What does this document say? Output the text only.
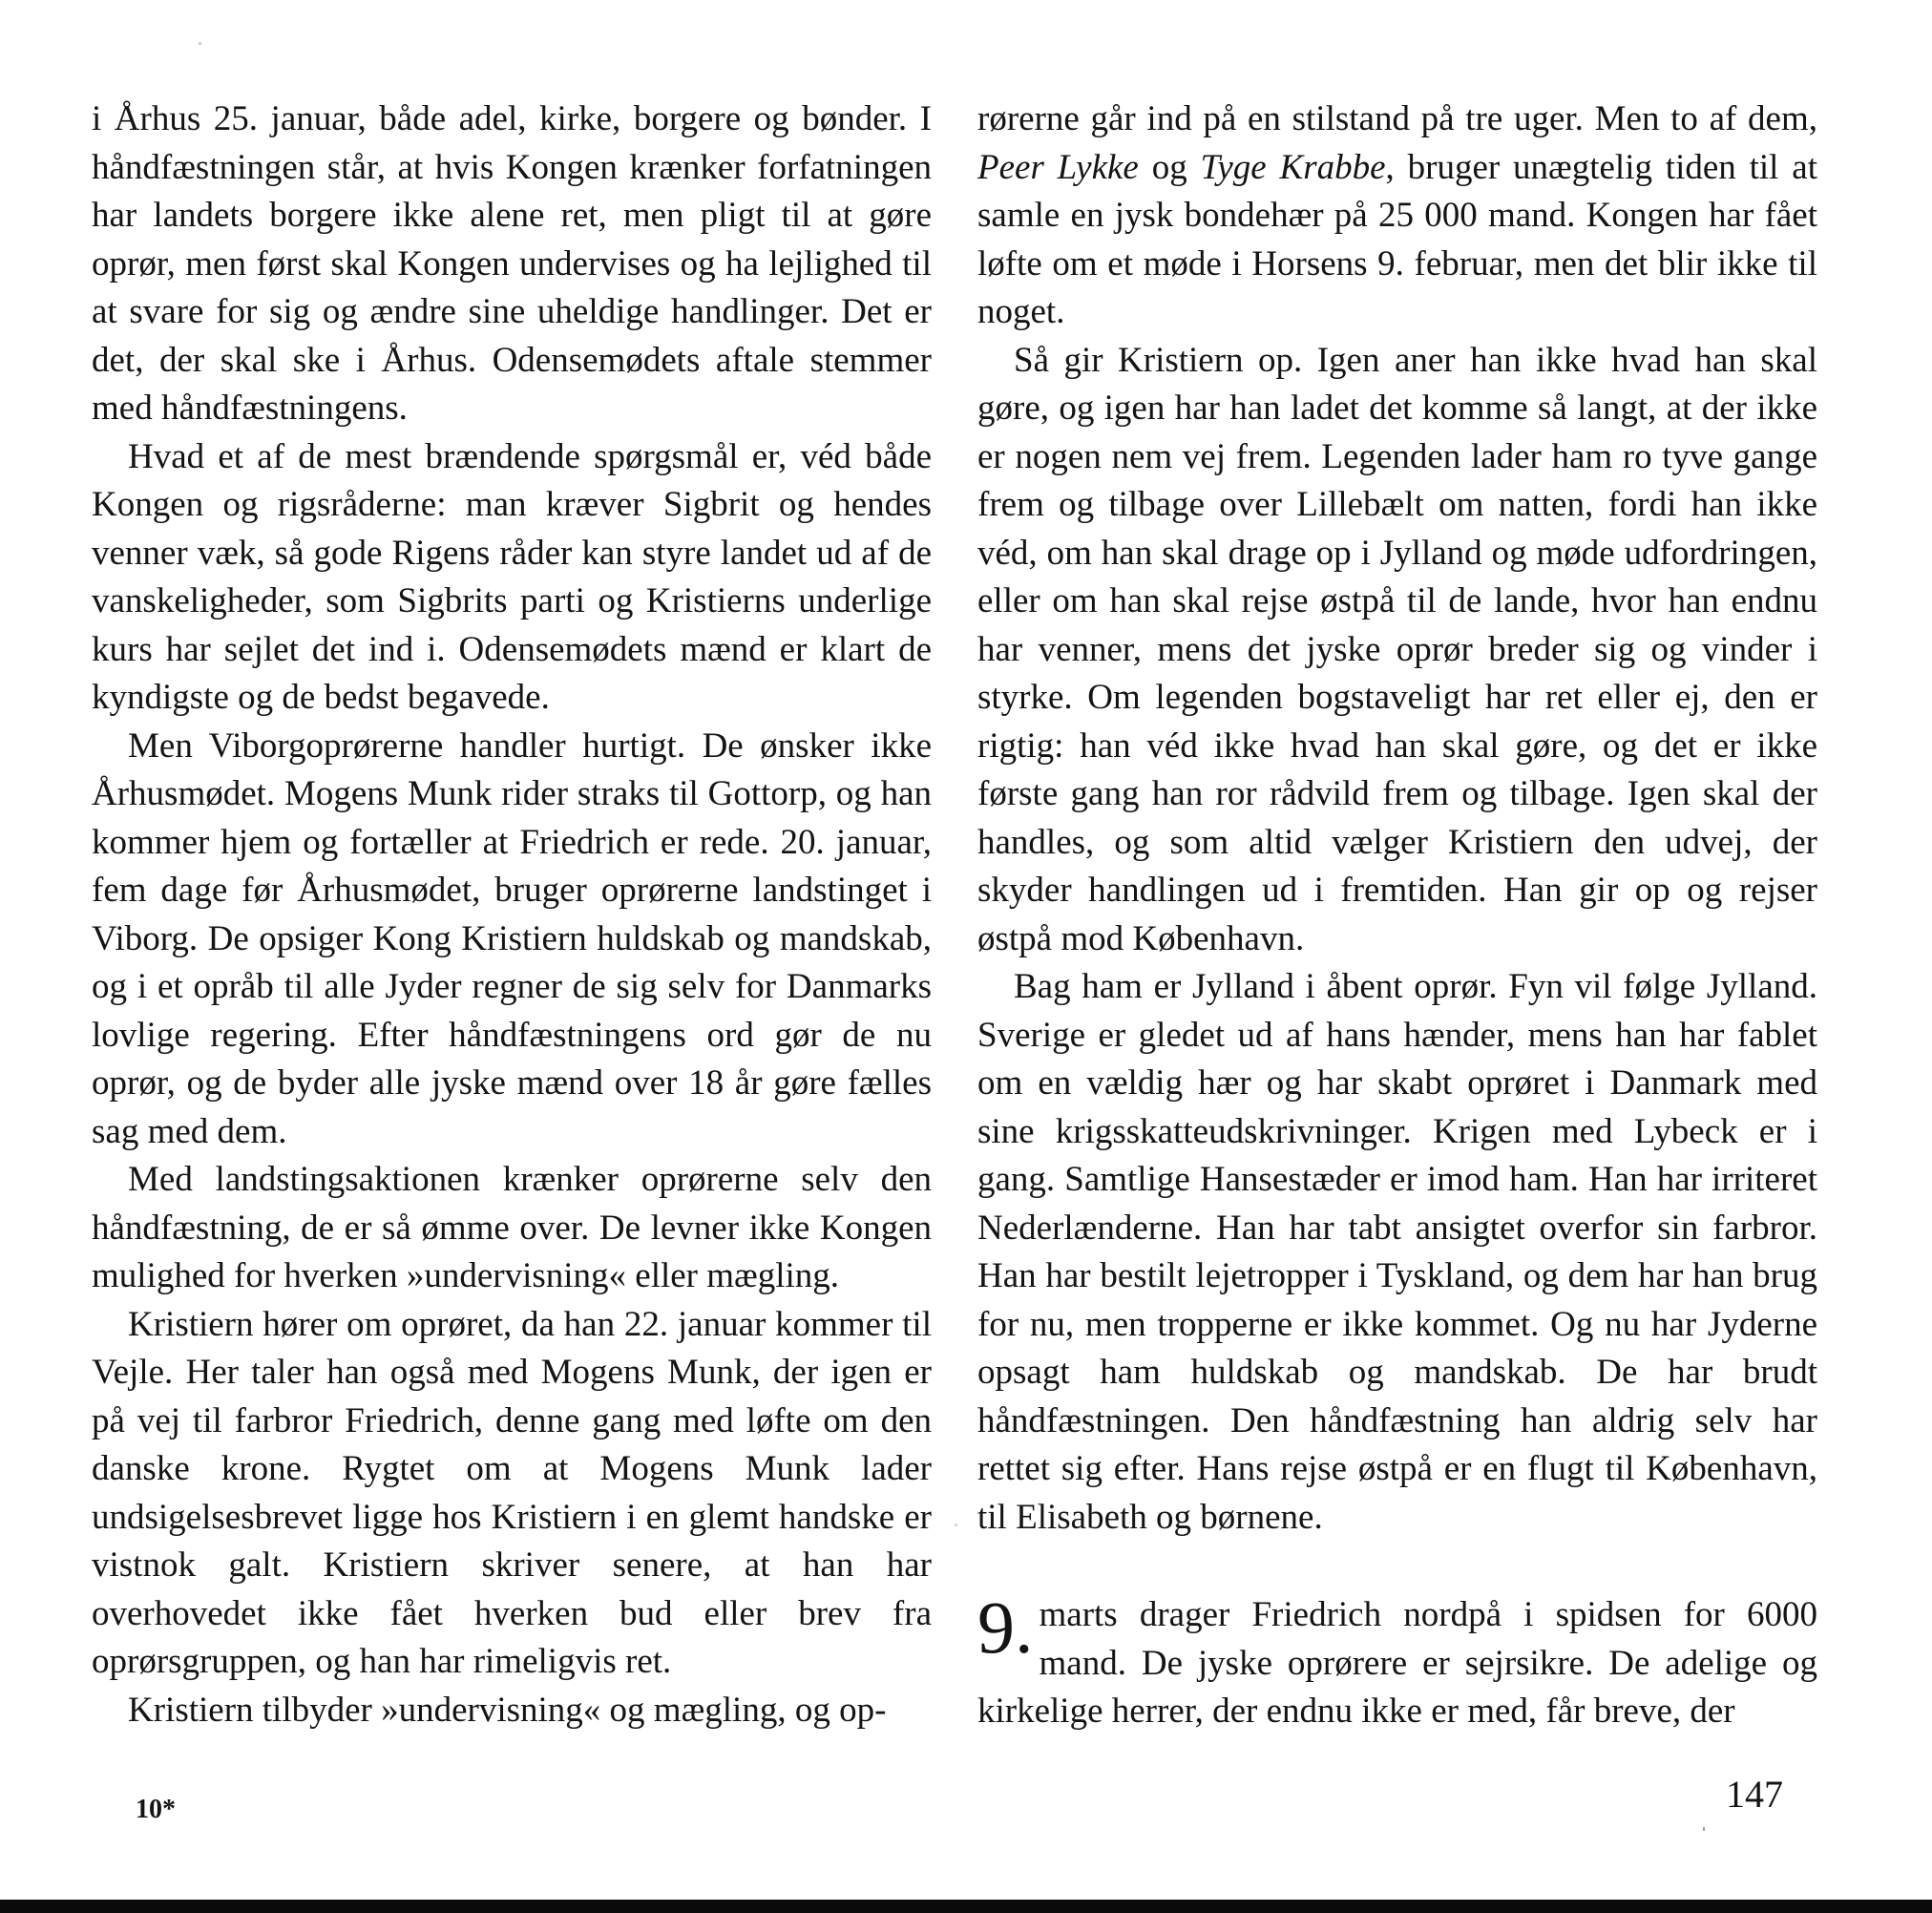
i Århus 25. januar, både adel, kirke, borgere og bønder. I håndfæstningen står, at hvis Kongen krænker forfatningen har landets borgere ikke alene ret, men pligt til at gøre oprør, men først skal Kongen undervises og ha lejlighed til at svare for sig og ændre sine uheldige handlinger. Det er det, der skal ske i Århus. Odensemødets aftale stemmer med håndfæstningens.

Hvad et af de mest brændende spørgsmål er, véd både Kongen og rigsråderne: man kræver Sigbrit og hendes venner væk, så gode Rigens råder kan styre landet ud af de vanskeligheder, som Sigbrits parti og Kristierns underlige kurs har sejlet det ind i. Odensemødets mænd er klart de kyndigste og de bedst begavede.

Men Viborgoprørerne handler hurtigt. De ønsker ikke Århusmødet. Mogens Munk rider straks til Gottorp, og han kommer hjem og fortæller at Friedrich er rede. 20. januar, fem dage før Århusmødet, bruger oprørerne landstinget i Viborg. De opsiger Kong Kristiern huldskab og mandskab, og i et opråb til alle Jyder regner de sig selv for Danmarks lovlige regering. Efter håndfæstningens ord gør de nu oprør, og de byder alle jyske mænd over 18 år gøre fælles sag med dem.

Med landstingsaktionen krænker oprørerne selv den håndfæstning, de er så ømme over. De levner ikke Kongen mulighed for hverken »undervisning« eller mægling.

Kristiern hører om oprøret, da han 22. januar kommer til Vejle. Her taler han også med Mogens Munk, der igen er på vej til farbror Friedrich, denne gang med løfte om den danske krone. Rygtet om at Mogens Munk lader undsigelsesbrevet ligge hos Kristiern i en glemt handske er vistnok galt. Kristiern skriver senere, at han har overhovedet ikke fået hverken bud eller brev fra oprørsgruppen, og han har rimeligvis ret.

Kristiern tilbyder »undervisning« og mægling, og op-

rørerne går ind på en stilstand på tre uger. Men to af dem, Peer Lykke og Tyge Krabbe, bruger unægtelig tiden til at samle en jysk bondehær på 25 000 mand. Kongen har fået løfte om et møde i Horsens 9. februar, men det blir ikke til noget.

Så gir Kristiern op. Igen aner han ikke hvad han skal gøre, og igen har han ladet det komme så langt, at der ikke er nogen nem vej frem. Legenden lader ham ro tyve gange frem og tilbage over Lillebælt om natten, fordi han ikke véd, om han skal drage op i Jylland og møde udfordringen, eller om han skal rejse østpå til de lande, hvor han endnu har venner, mens det jyske oprør breder sig og vinder i styrke. Om legenden bogstaveligt har ret eller ej, den er rigtig: han véd ikke hvad han skal gøre, og det er ikke første gang han ror rådvild frem og tilbage. Igen skal der handles, og som altid vælger Kristiern den udvej, der skyder handlingen ud i fremtiden. Han gir op og rejser østpå mod København.

Bag ham er Jylland i åbent oprør. Fyn vil følge Jylland. Sverige er gledet ud af hans hænder, mens han har fablet om en vældig hær og har skabt oprøret i Danmark med sine krigsskatteudskrivninger. Krigen med Lybeck er i gang. Samtlige Hansestæder er imod ham. Han har irriteret Nederlænderne. Han har tabt ansigtet overfor sin farbror. Han har bestilt lejetropper i Tyskland, og dem har han brug for nu, men tropperne er ikke kommet. Og nu har Jyderne opsagt ham huldskab og mandskab. De har brudt håndfæstningen. Den håndfæstning han aldrig selv har rettet sig efter. Hans rejse østpå er en flugt til København, til Elisabeth og børnene.

9. marts drager Friedrich nordpå i spidsen for 6000 mand. De jyske oprørere er sejrsikre. De adelige og kirkelige herrer, der endnu ikke er med, får breve, der

10*	147
